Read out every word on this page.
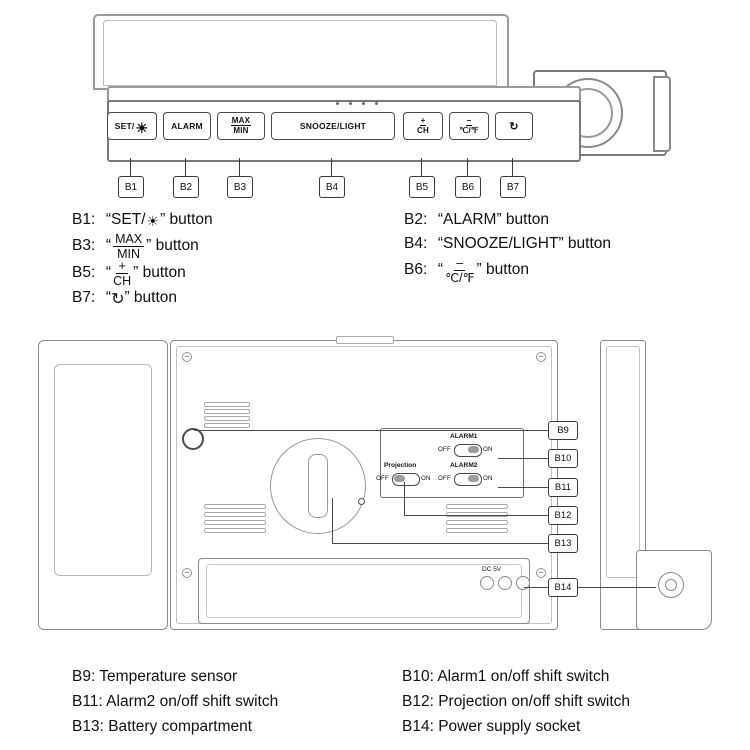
SET/ ☀	ALARM	$\frac{\text{MAX}}{\text{MIN}}$	SNOOZE/LIGHT	$\frac{+}{CH}$	$\frac{-}{℃/℉}$	↻
B1	B2	B3	B4	B5	B6	B7
B1:
“SET/ ☀ ” button
B3:
“ $\frac{\text{MAX}}{\text{MIN}}$ ” button
B5:
“ $\frac{+}{CH}$ ” button
B7:
“ ↻ ” button
B2:
“ALARM” button
B4:
“SNOOZE/LIGHT” button
B6:
“ $\frac{-}{℃/℉}$ ” button
ALARM1
OFF	ON
ALARM2
OFF	ON
Projection
OFF	ON
DC 5V
B9
B10
B11
B12
B13
B14
B9: Temperature sensor	B10: Alarm1 on/off shift switch
B11: Alarm2 on/off shift switch	B12: Projection on/off shift switch
B13: Battery compartment	B14: Power supply socket
